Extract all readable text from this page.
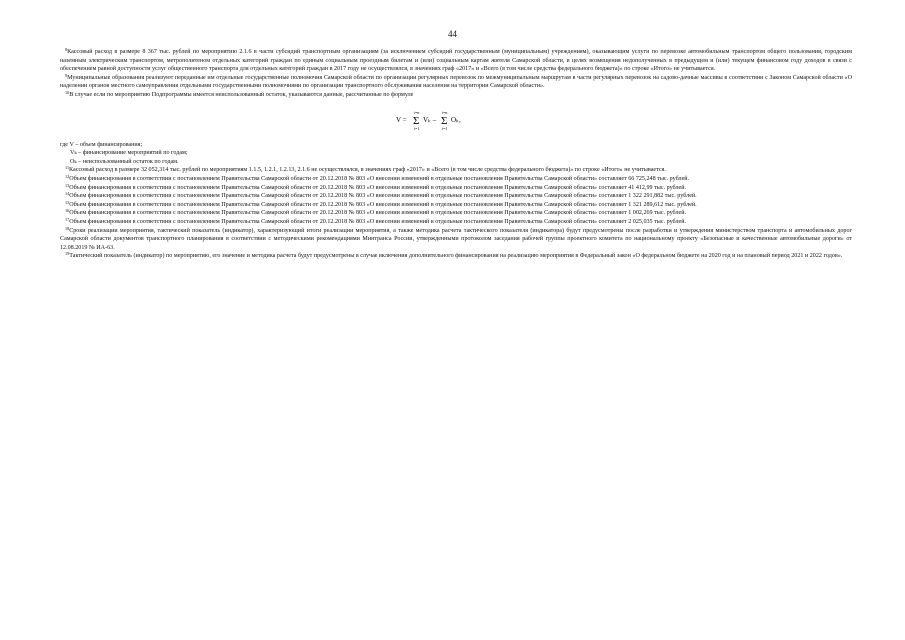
44

$^8$Кассовый расход в размере 8 367 тыс. рублей по мероприятию 2.1.6 в части субсидий транспортным организациям (за исключением субсидий государственным (муниципальным) учреждениям), оказывающим услуги по перевозке автомобильным транспортом общего пользования, городским наземным электрическим транспортом, метрополитеном отдельных категорий граждан по единым социальным проездным билетам и (или) социальным картам жителя Самарской области, в целях возмещения недополученных в предыдущем и (или) текущем финансовом году доходов в связи с обеспечением равной доступности услуг общественного транспорта для отдельных категорий граждан в 2017 году не осуществлялся, в значениях граф «2017» и «Всего (в том числе средства федерального бюджета)» по строке «Итого» не учитывается.

$^9$Муниципальные образования реализуют переданные им отдельные государственные полномочия Самарской области по организации регулярных перевозок по межмуниципальным маршрутам в части регулярных перевозок на садово-дачные массивы в соответствии с Законом Самарской области «О наделении органов местного самоуправления отдельными государственными полномочиями по организации транспортного обслуживания населения на территории Самарской области».

$^{10}$В случае если по мероприятию Подпрограммы имеется неиспользованный остаток, указываются данные, рассчитанные по формуле

V =
i=n
Σ
i=1
Vₖ –
i=n
Σ
i=1
Oₖ,

где V – объем финансирования;

Vₖ – финансирование мероприятий по годам;

Oₖ – неиспользованный остаток по годам.

$^{11}$Кассовый расход в размере 32 052,314 тыс. рублей по мероприятиям 1.1.5, 1.2.1, 1.2.13, 2.1.6 не осуществлялся, в значениях граф «2017» и «Всего (в том числе средства федерального бюджета)» по строке «Итого» не учитывается.

$^{12}$Объем финансирования в соответствии с постановлением Правительства Самарской области от 20.12.2018 № 803 «О внесении изменений в отдельные постановления Правительства Самарской области» составляет 66 725,248 тыс. рублей.

$^{13}$Объем финансирования в соответствии с постановлением Правительства Самарской области от 20.12.2018 № 803 «О внесении изменений в отдельные постановления Правительства Самарской области» составляет 41 412,99 тыс. рублей.

$^{14}$Объем финансирования в соответствии с постановлением Правительства Самарской области от 20.12.2018 № 803 «О внесении изменений в отдельные постановления Правительства Самарской области» составляет 1 322 291,882 тыс. рублей.

$^{15}$Объем финансирования в соответствии с постановлением Правительства Самарской области от 20.12.2018 № 803 «О внесении изменений в отдельные постановления Правительства Самарской области» составляет 1 321 289,612 тыс. рублей.

$^{16}$Объем финансирования в соответствии с постановлением Правительства Самарской области от 20.12.2018 № 803 «О внесении изменений в отдельные постановления Правительства Самарской области» составляет 1 002,269 тыс. рублей.

$^{17}$Объем финансирования в соответствии с постановлением Правительства Самарской области от 20.12.2018 № 803 «О внесении изменений в отдельные постановления Правительства Самарской области» составляет 2 025,035 тыс. рублей.

$^{18}$Сроки реализации мероприятия, тактический показатель (индикатор), характеризующий итоги реализации мероприятия, а также методика расчета тактического показателя (индикатора) будут предусмотрены после разработки и утверждения министерством транспорта и автомобильных дорог Самарской области документов транспортного планирования в соответствии с методическими рекомендациями Минтранса России, утвержденными протоколом заседания рабочей группы проектного комитета по национальному проекту «Безопасные и качественные автомобильные дороги» от 12.08.2019 № ИА-63.

$^{19}$Тактический показатель (индикатор) по мероприятию, его значение и методика расчета будут предусмотрены в случае включения дополнительного финансирования на реализацию мероприятия в Федеральный закон «О федеральном бюджете на 2020 год и на плановый период 2021 и 2022 годов».
